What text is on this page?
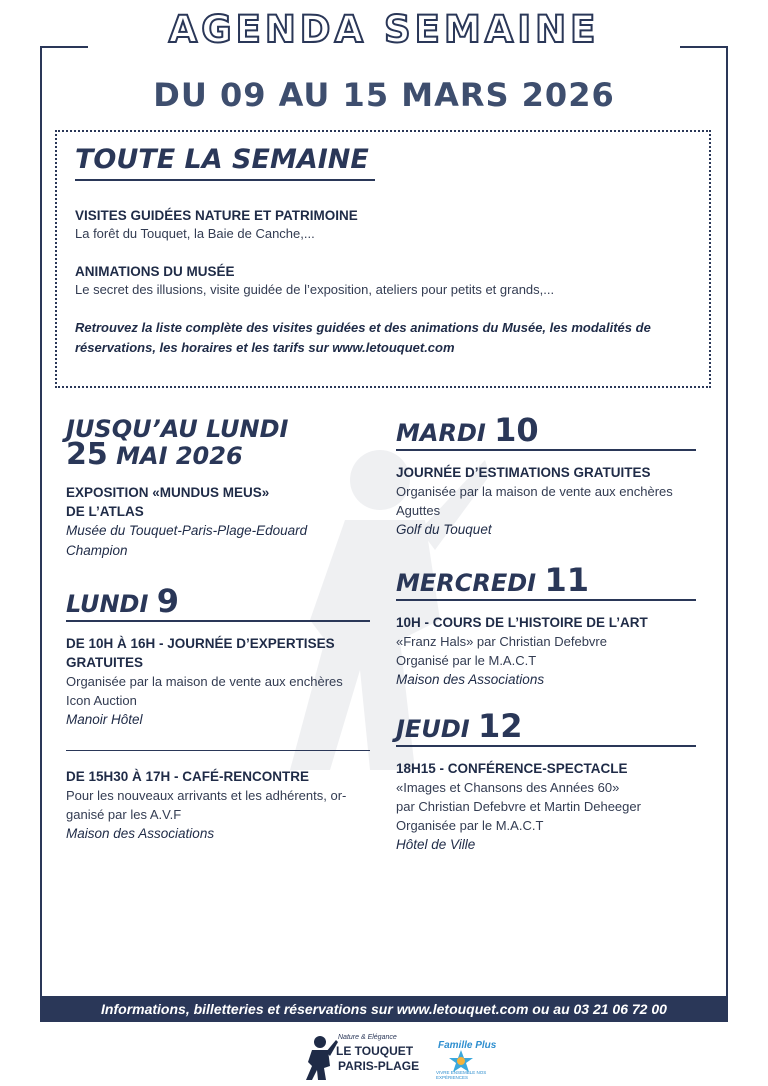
AGENDA SEMAINE
DU 09 AU 15 MARS 2026
TOUTE LA SEMAINE

VISITES GUIDÉES NATURE ET PATRIMOINE

La forêt du Touquet, la Baie de Canche,...

ANIMATIONS DU MUSÉE

Le secret des illusions, visite guidée de l’exposition, ateliers pour petits et grands,...

Retrouvez la liste complète des visites guidées et des animations du Musée, les modalités de réservations, les horaires et les tarifs sur www.letouquet.com

JUSQU’AU LUNDI
25 MAI 2026

EXPOSITION «MUNDUS MEUS»

DE L’ATLAS

Musée du Touquet-Paris-Plage-Edouard

Champion

LUNDI 9

DE 10H À 16H - JOURNÉE D’EXPERTISES

GRATUITES

Organisée par la maison de vente aux enchères

Icon Auction

Manoir Hôtel

DE 15H30 À 17H - CAFÉ-RENCONTRE

Pour les nouveaux arrivants et les adhérents, or-

ganisé par les A.V.F

Maison des Associations

MARDI 10

JOURNÉE D’ESTIMATIONS GRATUITES

Organisée par la maison de vente aux enchères

Aguttes

Golf du Touquet

MERCREDI 11

10H - COURS DE L’HISTOIRE DE L’ART

«Franz Hals» par Christian Defebvre

Organisé par le M.A.C.T

Maison des Associations

JEUDI 12

18H15 - CONFÉRENCE-SPECTACLE

«Images et Chansons des Années 60»

par Christian Defebvre et Martin Deheeger

Organisée par le M.A.C.T

Hôtel de Ville

Informations, billetteries et réservations sur www.letouquet.com ou au 03 21 06 72 00
Nature & Elégance
LE TOUQUET
PARIS-PLAGE
Famille Plus
VIVRE ENSEMBLE NOS EXPÉRIENCES
